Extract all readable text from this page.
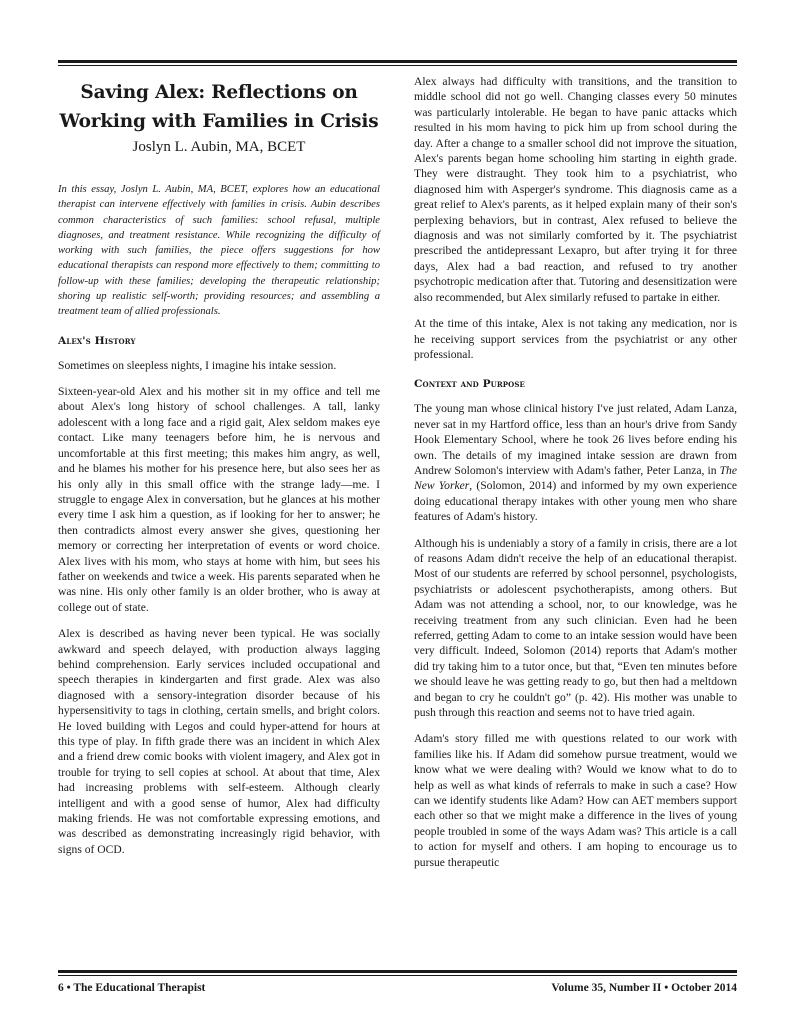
Saving Alex: Reflections on
Working with Families in Crisis
Joslyn L. Aubin, MA, BCET
In this essay, Joslyn L. Aubin, MA, BCET, explores how an educational therapist can intervene effectively with families in crisis. Aubin describes common characteristics of such families: school refusal, multiple diagnoses, and treatment resistance. While recognizing the difficulty of working with such families, the piece offers suggestions for how educational therapists can respond more effectively to them; committing to follow-up with these families; developing the therapeutic relationship; shoring up realistic self-worth; providing resources; and assembling a treatment team of allied professionals.
Alex's History

Sometimes on sleepless nights, I imagine his intake session.

Sixteen-year-old Alex and his mother sit in my office and tell me about Alex's long history of school challenges. A tall, lanky adolescent with a long face and a rigid gait, Alex seldom makes eye contact. Like many teenagers before him, he is nervous and uncomfortable at this first meeting; this makes him angry, as well, and he blames his mother for his presence here, but also sees her as his only ally in this small office with the strange lady—me. I struggle to engage Alex in conversation, but he glances at his mother every time I ask him a question, as if looking for her to answer; he then contradicts almost every answer she gives, questioning her memory or correcting her interpretation of events or word choice. Alex lives with his mom, who stays at home with him, but sees his father on weekends and twice a week. His parents separated when he was nine. His only other family is an older brother, who is away at college out of state.

Alex is described as having never been typical. He was socially awkward and speech delayed, with production always lagging behind comprehension. Early services included occupational and speech therapies in kindergarten and first grade. Alex was also diagnosed with a sensory-integration disorder because of his hypersensitivity to tags in clothing, certain smells, and bright colors. He loved building with Legos and could hyper-attend for hours at this type of play. In fifth grade there was an incident in which Alex and a friend drew comic books with violent imagery, and Alex got in trouble for trying to sell copies at school. At about that time, Alex had increasing problems with self-esteem. Although clearly intelligent and with a good sense of humor, Alex had difficulty making friends. He was not comfortable expressing emotions, and was described as demonstrating increasingly rigid behavior, with signs of OCD.

Alex always had difficulty with transitions, and the transition to middle school did not go well. Changing classes every 50 minutes was particularly intolerable. He began to have panic attacks which resulted in his mom having to pick him up from school during the day. After a change to a smaller school did not improve the situation, Alex's parents began home schooling him starting in eighth grade. They were distraught. They took him to a psychiatrist, who diagnosed him with Asperger's syndrome. This diagnosis came as a great relief to Alex's parents, as it helped explain many of their son's perplexing behaviors, but in contrast, Alex refused to believe the diagnosis and was not similarly comforted by it. The psychiatrist prescribed the antidepressant Lexapro, but after trying it for three days, Alex had a bad reaction, and refused to try another psychotropic medication after that. Tutoring and desensitization were also recommended, but Alex similarly refused to partake in either.

At the time of this intake, Alex is not taking any medication, nor is he receiving support services from the psychiatrist or any other professional.

Context and Purpose

The young man whose clinical history I've just related, Adam Lanza, never sat in my Hartford office, less than an hour's drive from Sandy Hook Elementary School, where he took 26 lives before ending his own. The details of my imagined intake session are drawn from Andrew Solomon's interview with Adam's father, Peter Lanza, in The New Yorker, (Solomon, 2014) and informed by my own experience doing educational therapy intakes with other young men who share features of Adam's history.

Although his is undeniably a story of a family in crisis, there are a lot of reasons Adam didn't receive the help of an educational therapist. Most of our students are referred by school personnel, psychologists, psychiatrists or adolescent psychotherapists, among others. But Adam was not attending a school, nor, to our knowledge, was he receiving treatment from any such clinician. Even had he been referred, getting Adam to come to an intake session would have been very difficult. Indeed, Solomon (2014) reports that Adam's mother did try taking him to a tutor once, but that, “Even ten minutes before we should leave he was getting ready to go, but then had a meltdown and began to cry he couldn't go” (p. 42). His mother was unable to push through this reaction and seems not to have tried again.

Adam's story filled me with questions related to our work with families like his. If Adam did somehow pursue treatment, would we know what we were dealing with? Would we know what to do to help as well as what kinds of referrals to make in such a case? How can we identify students like Adam? How can AET members support each other so that we might make a difference in the lives of young people troubled in some of the ways Adam was? This article is a call to action for myself and others. I am hoping to encourage us to pursue therapeutic

6 • The Educational Therapist	Volume 35, Number II • October 2014
